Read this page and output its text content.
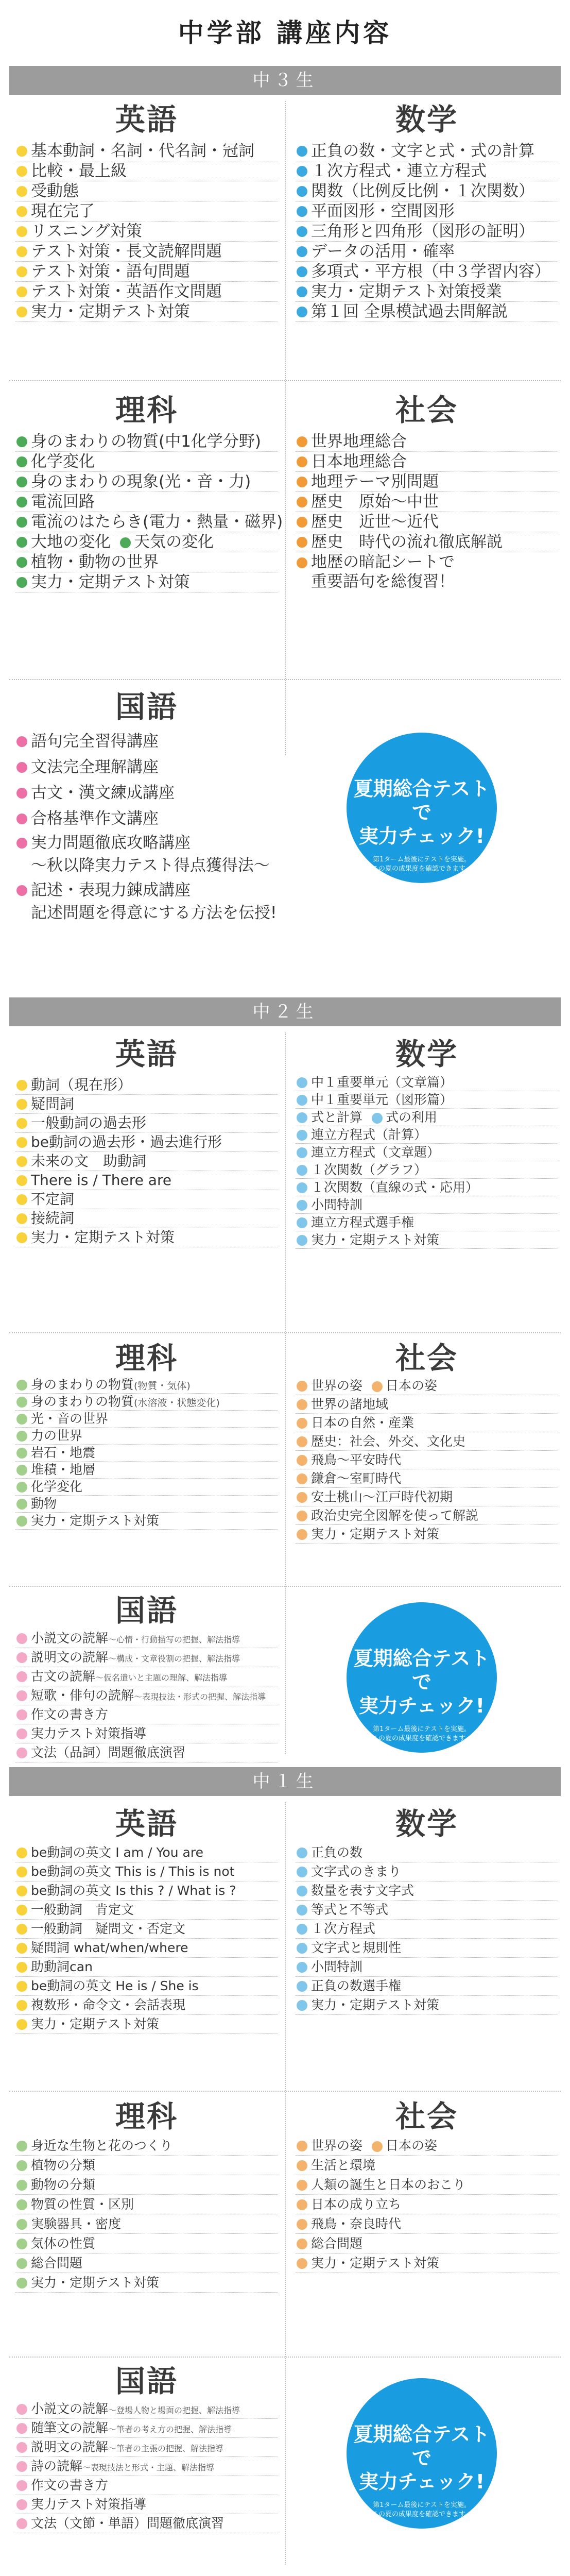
中学部 講座内容
中３生
英語
基本動詞・名詞・代名詞・冠詞
比較・最上級
受動態
現在完了
リスニング対策
テスト対策・長文読解問題
テスト対策・語句問題
テスト対策・英語作文問題
実力・定期テスト対策
数学
正負の数・文字と式・式の計算
１次方程式・連立方程式
関数（比例反比例・１次関数）
平面図形・空間図形
三角形と四角形（図形の証明）
データの活用・確率
多項式・平方根（中３学習内容）
実力・定期テスト対策授業
第１回 全県模試過去問解説
理科
身のまわりの物質(中1化学分野)
化学変化
身のまわりの現象(光・音・力)
電流回路
電流のはたらき(電力・熱量・磁界)
大地の変化 天気の変化
植物・動物の世界
実力・定期テスト対策
社会
世界地理総合
日本地理総合
地理テーマ別問題
歴史　原始〜中世
歴史　近世〜近代
歴史　時代の流れ徹底解説
地歴の暗記シートで
重要語句を総復習！
国語
語句完全習得講座
文法完全理解講座
古文・漢文練成講座
合格基準作文講座
実力問題徹底攻略講座
〜秋以降実力テスト得点獲得法〜
記述・表現力錬成講座
記述問題を得意にする方法を伝授!
夏期総合テストで
実力チェック!
第1ターム最後にテストを実施。
この夏の成果度を確認できます。
中２生
英語
動詞（現在形）
疑問詞
一般動詞の過去形
be動詞の過去形・過去進行形
未来の文　助動詞
There is / There are
不定詞
接続詞
実力・定期テスト対策
数学
中１重要単元（文章篇）
中１重要単元（図形篇）
式と計算 式の利用
連立方程式（計算）
連立方程式（文章題）
１次関数（グラフ）
１次関数（直線の式・応用）
小問特訓
連立方程式選手権
実力・定期テスト対策
理科
身のまわりの物質(物質・気体)
身のまわりの物質(水溶液・状態変化)
光・音の世界
力の世界
岩石・地震
堆積・地層
化学変化
動物
実力・定期テスト対策
社会
世界の姿 日本の姿
世界の諸地域
日本の自然・産業
歴史：社会、外交、文化史
飛鳥〜平安時代
鎌倉〜室町時代
安土桃山〜江戸時代初期
政治史完全図解を使って解説
実力・定期テスト対策
国語
小説文の読解〜心情・行動描写の把握、解法指導
説明文の読解〜構成・文章役割の把握、解法指導
古文の読解〜仮名遣いと主題の理解、解法指導
短歌・俳句の読解〜表現技法・形式の把握、解法指導
作文の書き方
実力テスト対策指導
文法（品詞）問題徹底演習
夏期総合テストで
実力チェック!
第1ターム最後にテストを実施。
この夏の成果度を確認できます。
中１生
英語
be動詞の英文 I am / You are
be動詞の英文 This is / This is not
be動詞の英文 Is this ? / What is ?
一般動詞　肯定文
一般動詞　疑問文・否定文
疑問詞 what/when/where
助動詞can
be動詞の英文 He is / She is
複数形・命令文・会話表現
実力・定期テスト対策
数学
正負の数
文字式のきまり
数量を表す文字式
等式と不等式
１次方程式
文字式と規則性
小問特訓
正負の数選手権
実力・定期テスト対策
理科
身近な生物と花のつくり
植物の分類
動物の分類
物質の性質・区別
実験器具・密度
気体の性質
総合問題
実力・定期テスト対策
社会
世界の姿 日本の姿
生活と環境
人類の誕生と日本のおこり
日本の成り立ち
飛鳥・奈良時代
総合問題
実力・定期テスト対策
国語
小説文の読解〜登場人物と場面の把握、解法指導
随筆文の読解〜筆者の考え方の把握、解法指導
説明文の読解〜筆者の主張の把握、解法指導
詩の読解〜表現技法と形式・主題、解法指導
作文の書き方
実力テスト対策指導
文法（文節・単語）問題徹底演習
夏期総合テストで
実力チェック!
第1ターム最後にテストを実施。
この夏の成果度を確認できます。
